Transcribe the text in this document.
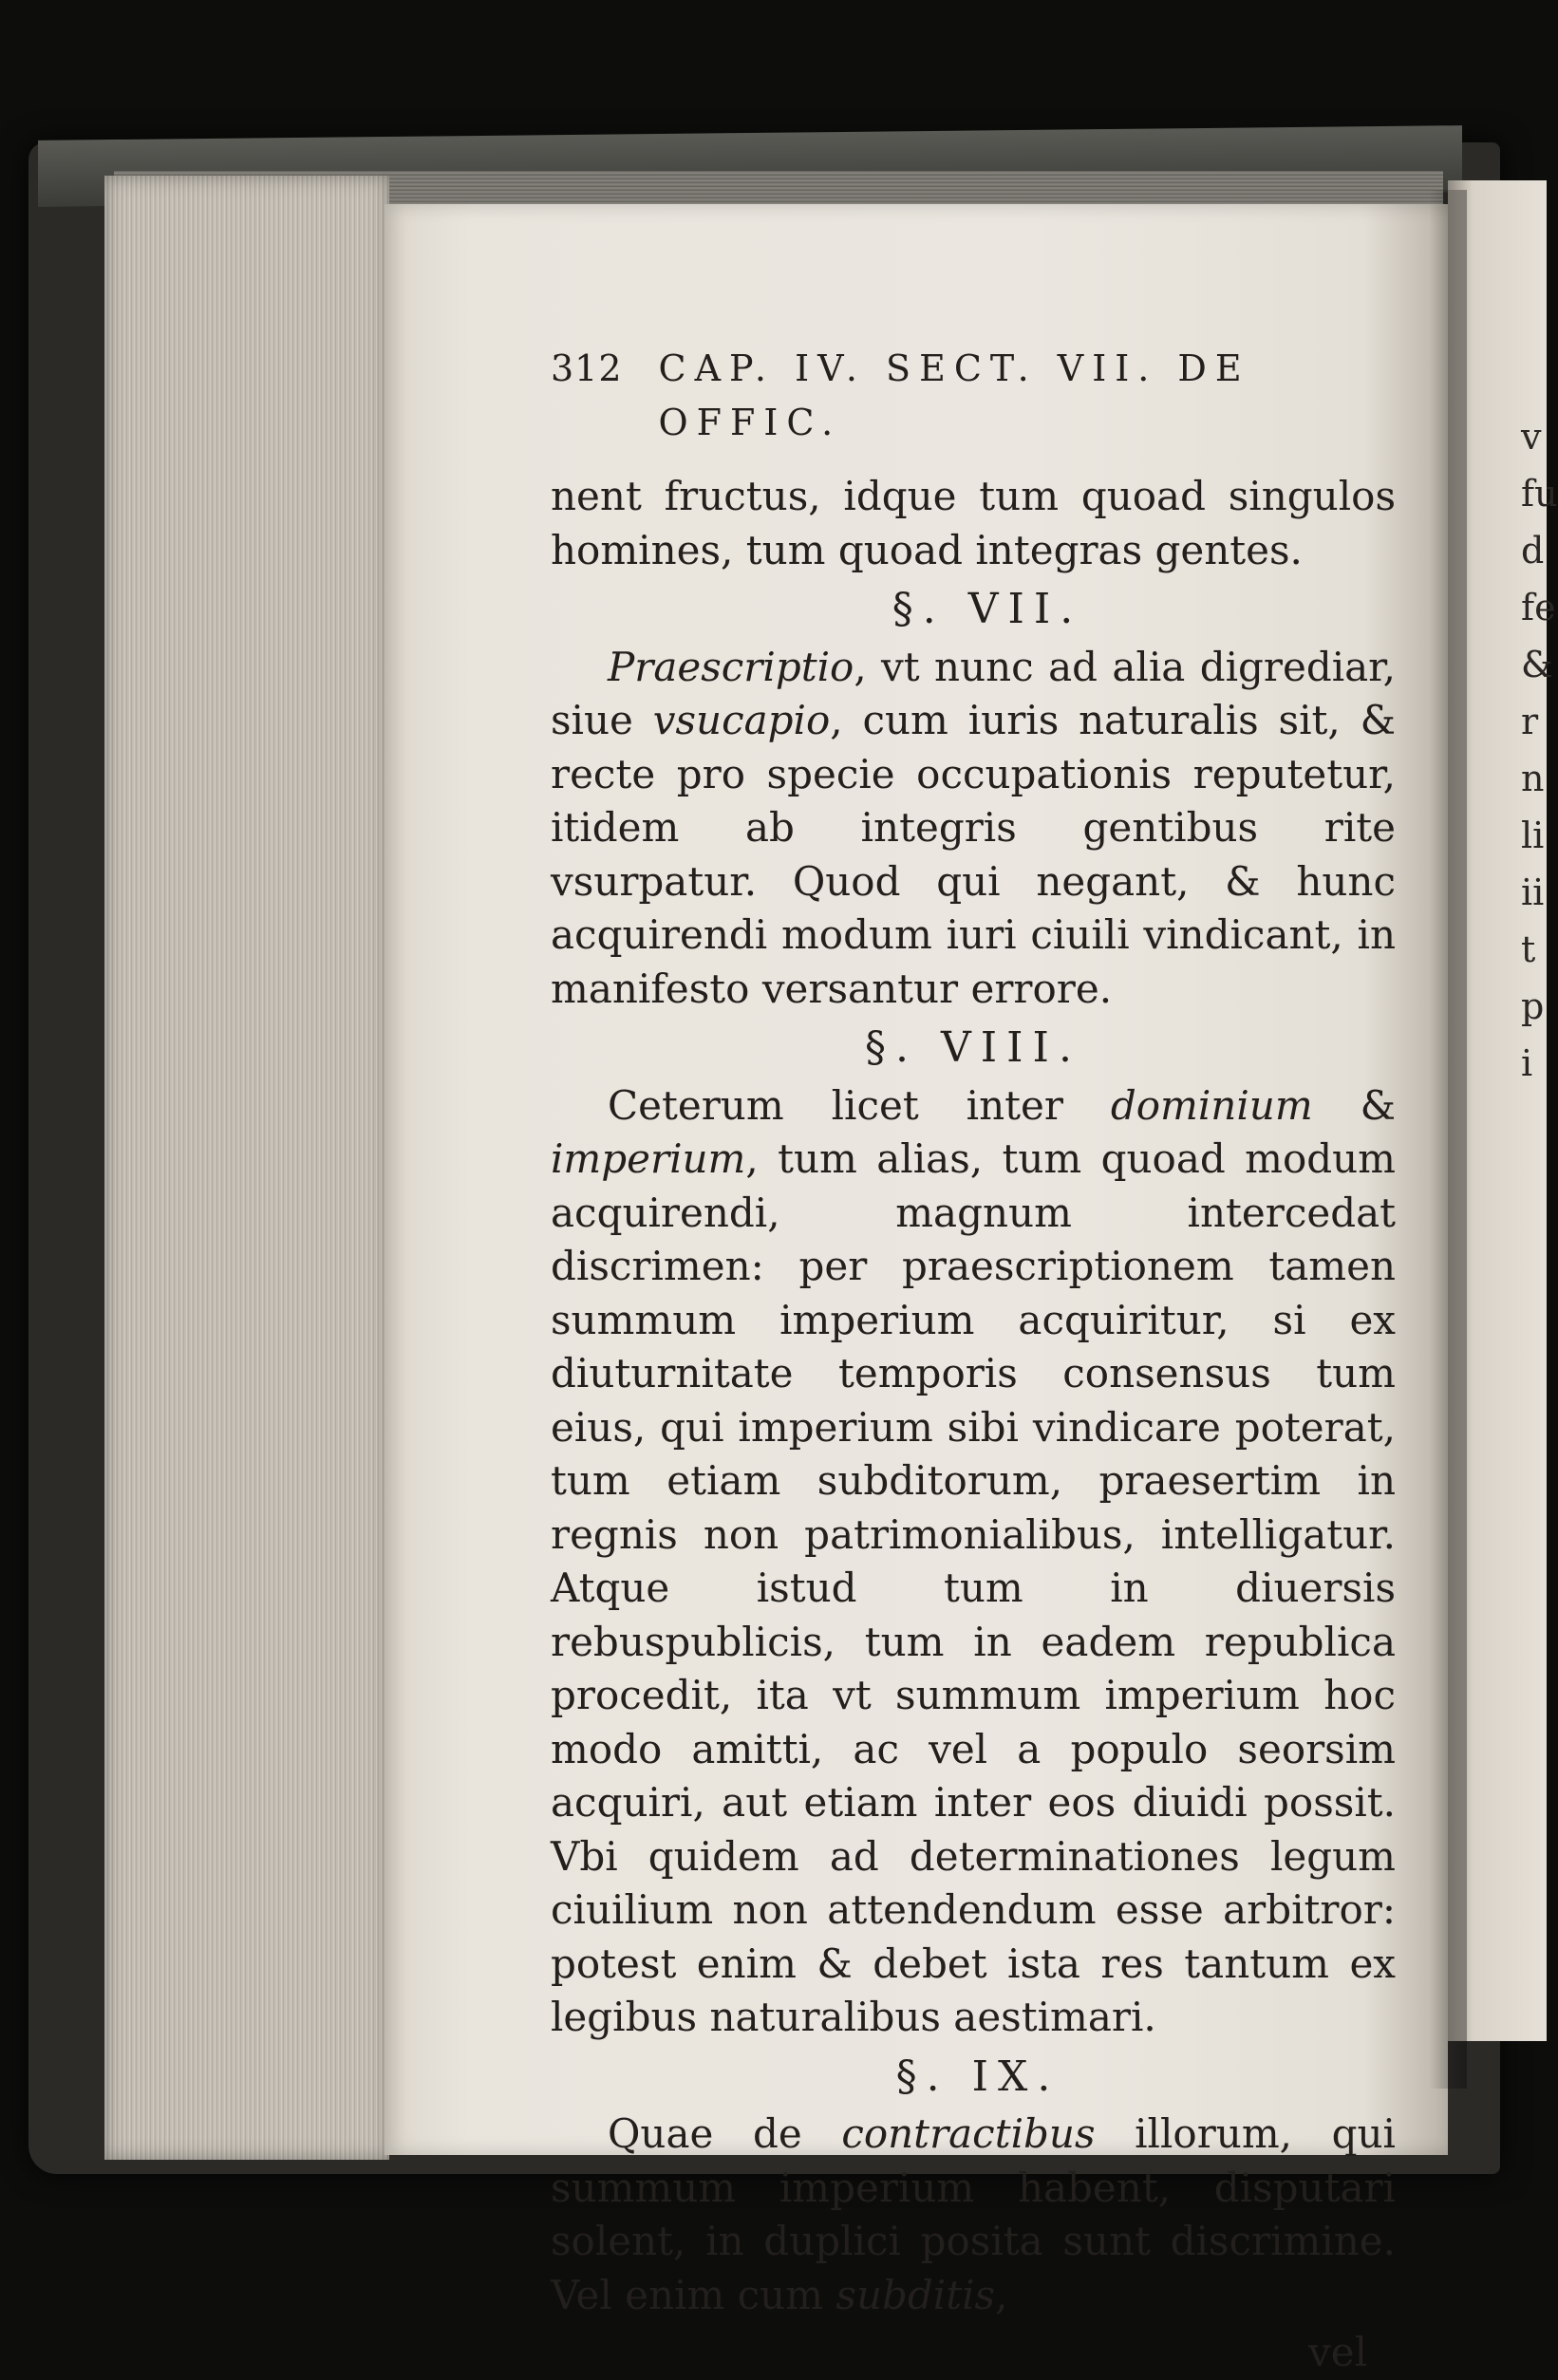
v
fu
d
fe
&
r
n
li
ii
t
p
i
312 CAP. IV. SECT. VII. DE OFFIC.

nent fructus, idque tum quoad singulos homines, tum quoad integras gentes.

§. VII.

Praescriptio, vt nunc ad alia digrediar, siue vsucapio, cum iuris naturalis sit, & recte pro specie occupationis reputetur, itidem ab integris gentibus rite vsurpatur. Quod qui negant, & hunc acquirendi modum iuri ciuili vindicant, in manifesto versantur errore.

§. VIII.

Ceterum licet inter dominium & imperium, tum alias, tum quoad modum acquirendi, magnum intercedat discrimen: per praescriptionem tamen summum imperium acquiritur, si ex diuturnitate temporis consensus tum eius, qui imperium sibi vindicare poterat, tum etiam subditorum, praesertim in regnis non patrimonialibus, intelligatur. Atque istud tum in diuersis rebuspublicis, tum in eadem republica procedit, ita vt summum imperium hoc modo amitti, ac vel a populo seorsim acquiri, aut etiam inter eos diuidi possit. Vbi quidem ad determinationes legum ciuilium non attendendum esse arbitror: potest enim & debet ista res tantum ex legibus naturalibus aestimari.

§. IX.

Quae de contractibus illorum, qui summum imperium habent, disputari solent, in duplici posita sunt discrimine. Vel enim cum subditis,

vel
